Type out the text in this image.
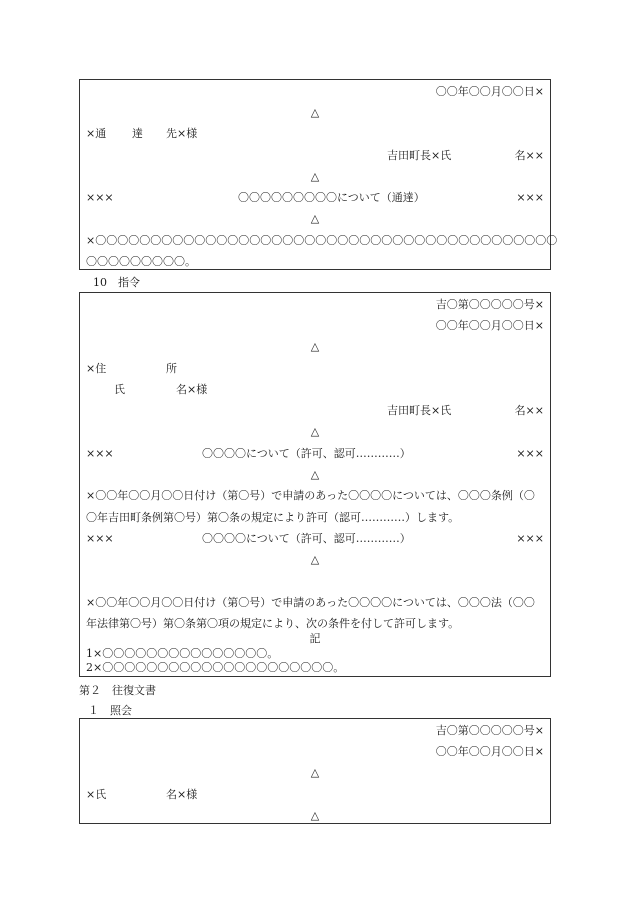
〇〇年〇〇月〇〇日×
△
×通 達 先×様
吉田町長×氏	名××
△
×××	〇〇〇〇〇〇〇〇〇について（通達）	×××
△
×〇〇〇〇〇〇〇〇〇〇〇〇〇〇〇〇〇〇〇〇〇〇〇〇〇〇〇〇〇〇〇〇〇〇〇〇〇〇〇〇〇〇
〇〇〇〇〇〇〇〇〇。
10　指令
吉〇第〇〇〇〇〇号×
〇〇年〇〇月〇〇日×
△
×住	所
氏	名×様
吉田町長×氏	名××
△
×××	〇〇〇〇について（許可、認可…………）	×××
△
×〇〇年〇〇月〇〇日付け（第〇号）で申請のあった〇〇〇〇については、〇〇〇条例（〇
〇年吉田町条例第〇号）第〇条の規定により許可（認可…………）します。
×××	〇〇〇〇について（許可、認可…………）	×××
△
×〇〇年〇〇月〇〇日付け（第〇号）で申請のあった〇〇〇〇については、〇〇〇法（〇〇
年法律第〇号）第〇条第〇項の規定により、次の条件を付して許可します。
記
1×〇〇〇〇〇〇〇〇〇〇〇〇〇〇〇。
2×〇〇〇〇〇〇〇〇〇〇〇〇〇〇〇〇〇〇〇〇〇。
第２　往復文書
１　照会
吉〇第〇〇〇〇〇号×
〇〇年〇〇月〇〇日×
△
×氏	名×様
△
